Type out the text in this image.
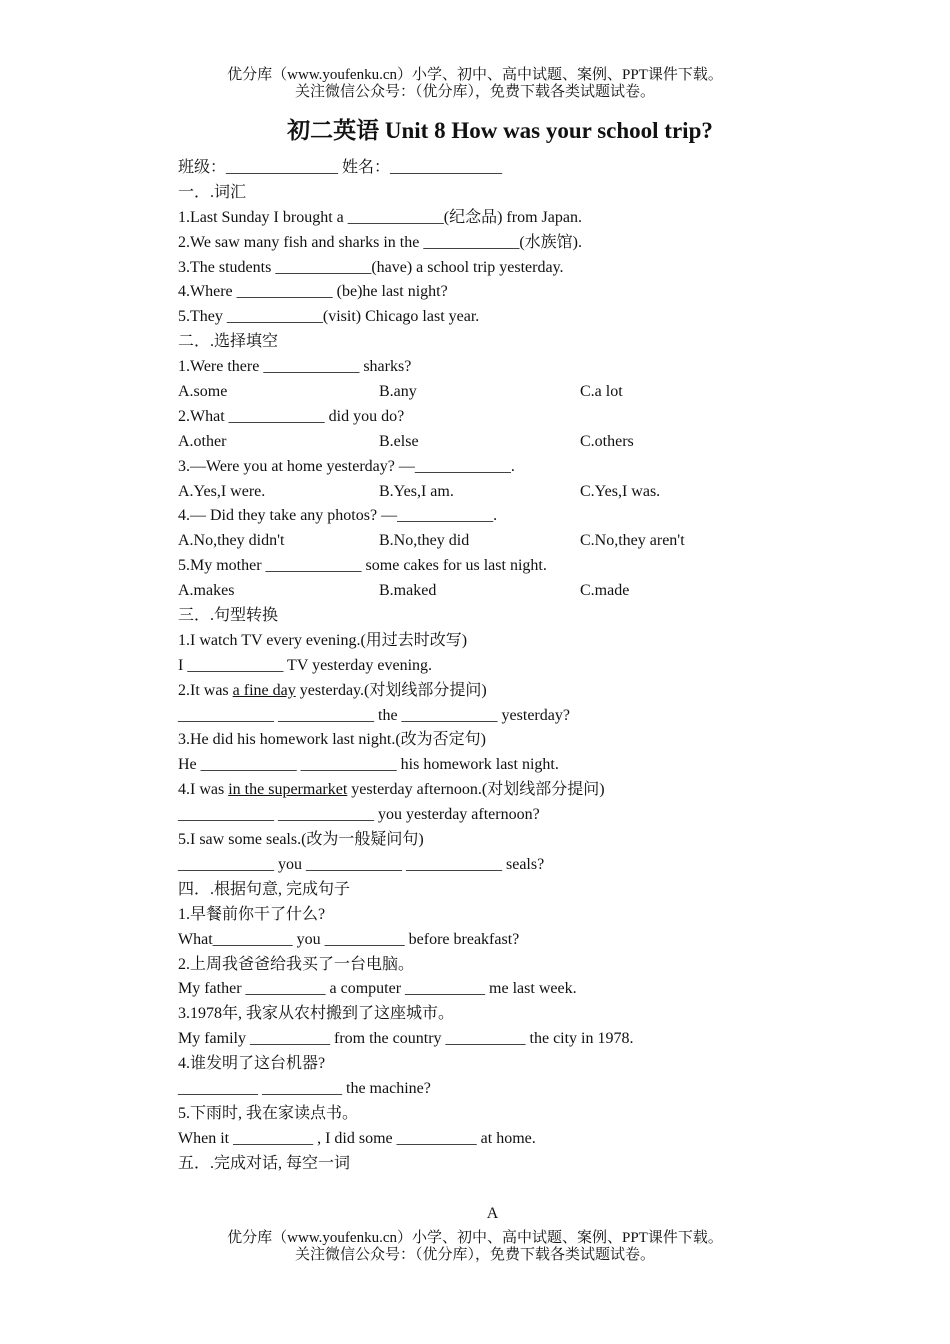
优分库（www.youfenku.cn）小学、初中、高中试题、案例、PPT课件下载。
关注微信公众号：（优分库），免费下载各类试题试卷。
初二英语 Unit 8 How was your school trip?
班级：______________ 姓名：______________
一．.词汇
1.Last Sunday I brought a ____________(纪念品) from Japan.
2.We saw many fish and sharks in the ____________(水族馆).
3.The students ____________(have) a school trip yesterday.
4.Where ____________ (be)he last night?
5.They ____________(visit) Chicago last year.
二．.选择填空
1.Were there ____________ sharks?
A.some	B.any	C.a lot
2.What ____________ did you do?
A.other	B.else	C.others
3.—Were you at home yesterday? —____________.
A.Yes,I were.	B.Yes,I am.	C.Yes,I was.
4.— Did they take any photos? —____________.
A.No,they didn't	B.No,they did	C.No,they aren't
5.My mother ____________ some cakes for us last night.
A.makes	B.maked	C.made
三．.句型转换
1.I watch TV every evening.(用过去时改写)
I ____________ TV yesterday evening.
2.It was a fine day yesterday.(对划线部分提问)
____________ ____________ the ____________ yesterday?
3.He did his homework last night.(改为否定句)
He ____________ ____________ his homework last night.
4.I was in the supermarket yesterday afternoon.(对划线部分提问)
____________ ____________ you yesterday afternoon?
5.I saw some seals.(改为一般疑问句)
____________ you ____________ ____________ seals?
四．.根据句意, 完成句子
1.早餐前你干了什么?
What__________ you __________ before breakfast?
2.上周我爸爸给我买了一台电脑。
My father __________ a computer __________ me last week.
3.1978年, 我家从农村搬到了这座城市。
My family __________ from the country __________ the city in 1978.
4.谁发明了这台机器?
__________ __________ the machine?
5.下雨时, 我在家读点书。
When it __________ , I did some __________ at home.
五．.完成对话, 每空一词
A
优分库（www.youfenku.cn）小学、初中、高中试题、案例、PPT课件下载。
关注微信公众号：（优分库），免费下载各类试题试卷。
